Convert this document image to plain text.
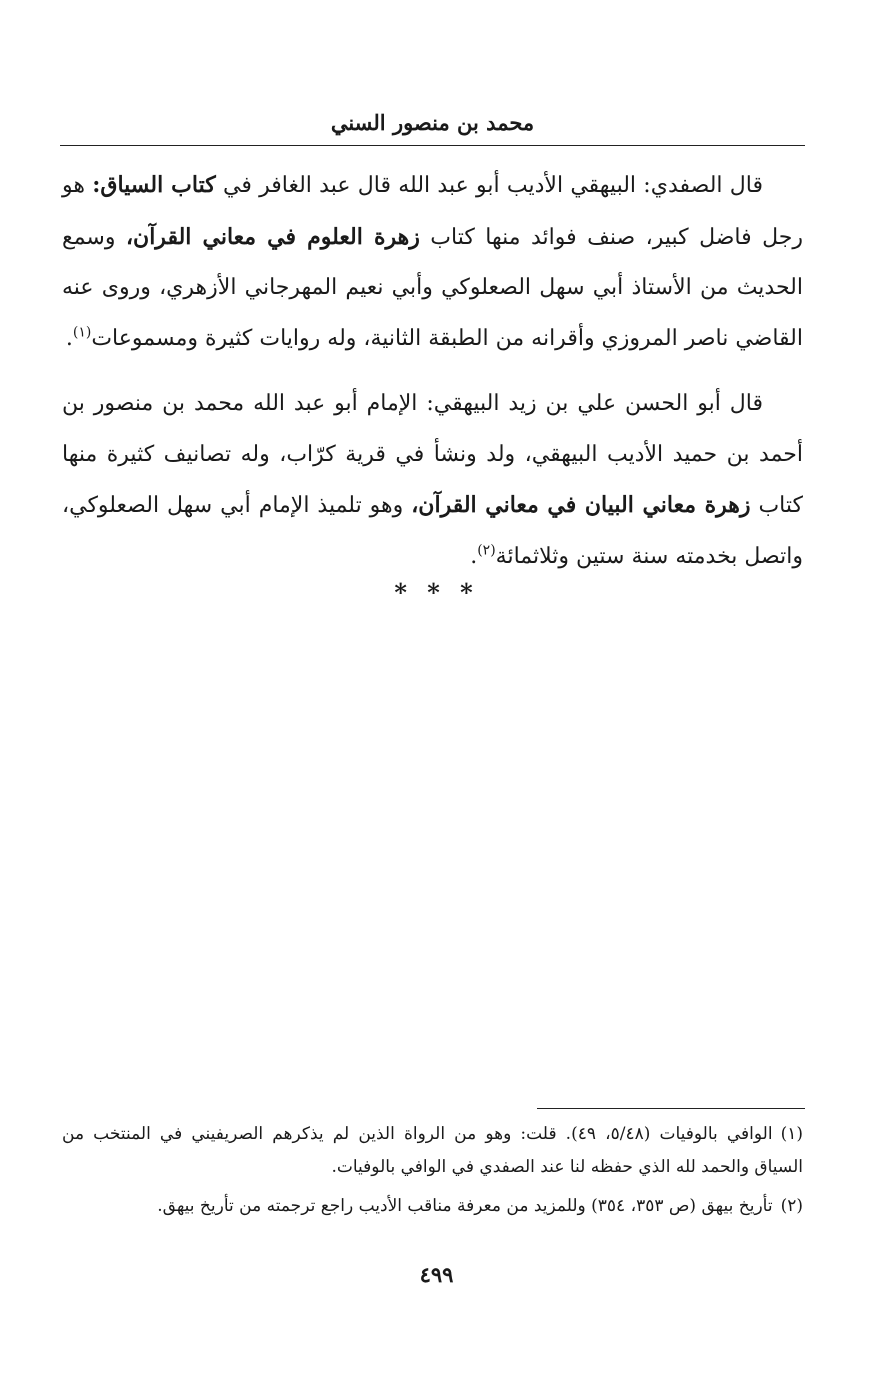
محمد بن منصور السني

قال الصفدي: البيهقي الأديب أبو عبد الله قال عبد الغافر في كتاب السياق: هو رجل فاضل كبير، صنف فوائد منها كتاب زهرة العلوم في معاني القرآن، وسمع الحديث من الأستاذ أبي سهل الصعلوكي وأبي نعيم المهرجاني الأزهري، وروى عنه القاضي ناصر المروزي وأقرانه من الطبقة الثانية، وله روايات كثيرة ومسموعات$^{(١)}$.

قال أبو الحسن علي بن زيد البيهقي: الإمام أبو عبد الله محمد بن منصور بن أحمد بن حميد الأديب البيهقي، ولد ونشأ في قرية كرّاب، وله تصانيف كثيرة منها كتاب زهرة معاني البيان في معاني القرآن، وهو تلميذ الإمام أبي سهل الصعلوكي، واتصل بخدمته سنة ستين وثلاثمائة$^{(٢)}$.

* * *

(١)الوافي بالوفيات (٥/٤٨، ٤٩). قلت: وهو من الرواة الذين لم يذكرهم الصريفيني في المنتخب من السياق والحمد لله الذي حفظه لنا عند الصفدي في الوافي بالوفيات.

(٢)تأريخ بيهق (ص ٣٥٣، ٣٥٤) وللمزيد من معرفة مناقب الأديب راجع ترجمته من تأريخ بيهق.

٤٩٩
